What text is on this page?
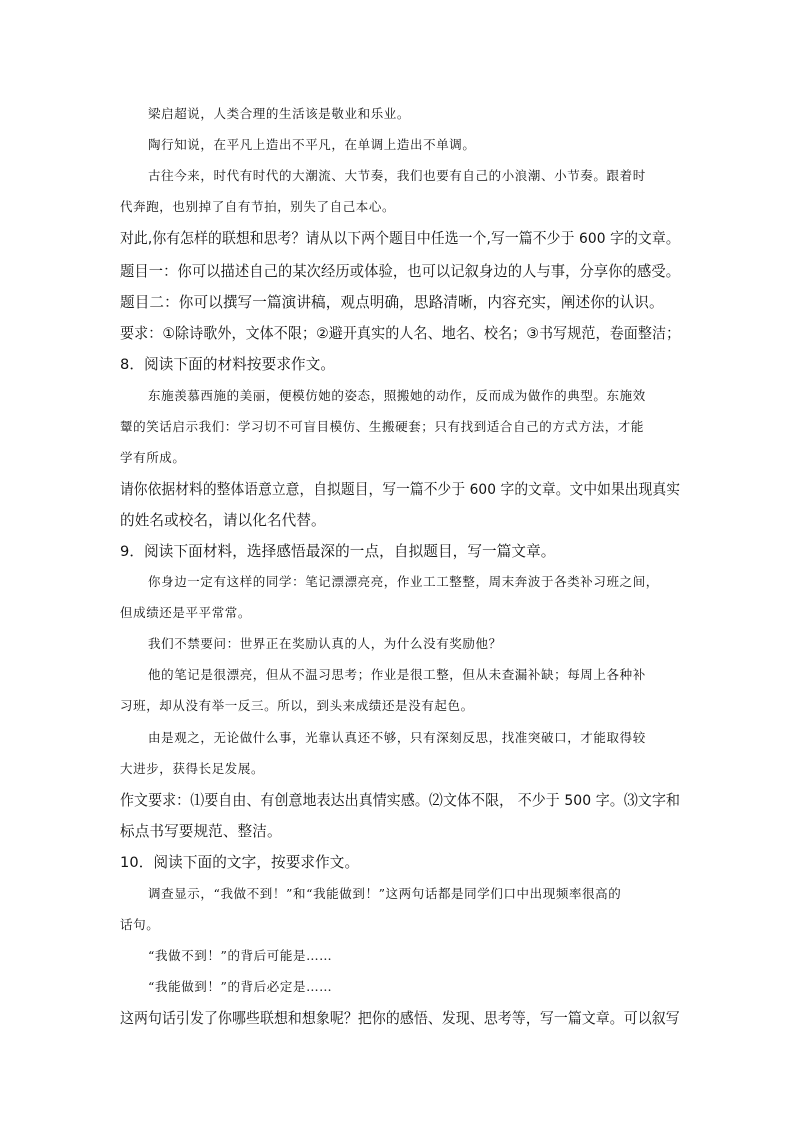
梁启超说，人类合理的生活该是敬业和乐业。
陶行知说，在平凡上造出不平凡，在单调上造出不单调。
古往今来，时代有时代的大潮流、大节奏，我们也要有自己的小浪潮、小节奏。跟着时
代奔跑，也别掉了自有节拍，别失了自己本心。
对此,你有怎样的联想和思考？请从以下两个题目中任选一个,写一篇不少于 600 字的文章。
题目一：你可以描述自己的某次经历或体验，也可以记叙身边的人与事，分享你的感受。
题目二：你可以撰写一篇演讲稿，观点明确，思路清晰，内容充实，阐述你的认识。
要求：①除诗歌外，文体不限；②避开真实的人名、地名、校名；③书写规范，卷面整洁；
8．阅读下面的材料按要求作文。
东施羡慕西施的美丽，便模仿她的姿态，照搬她的动作，反而成为做作的典型。东施效
颦的笑话启示我们：学习切不可盲目模仿、生搬硬套；只有找到适合自己的方式方法，才能
学有所成。
请你依据材料的整体语意立意，自拟题目，写一篇不少于 600 字的文章。文中如果出现真实
的姓名或校名，请以化名代替。
9．阅读下面材料，选择感悟最深的一点，自拟题目，写一篇文章。
你身边一定有这样的同学：笔记漂漂亮亮，作业工工整整，周末奔波于各类补习班之间，
但成绩还是平平常常。
我们不禁要问：世界正在奖励认真的人，为什么没有奖励他？
他的笔记是很漂亮，但从不温习思考；作业是很工整，但从未查漏补缺；每周上各种补
习班，却从没有举一反三。所以，到头来成绩还是没有起色。
由是观之，无论做什么事，光靠认真还不够，只有深刻反思，找准突破口，才能取得较
大进步，获得长足发展。
作文要求：⑴要自由、有创意地表达出真情实感。⑵文体不限， 不少于 500 字。⑶文字和
标点书写要规范、整洁。
10．阅读下面的文字，按要求作文。
调查显示，“我做不到！”和“我能做到！”这两句话都是同学们口中出现频率很高的
话句。
“我做不到！”的背后可能是……
“我能做到！”的背后必定是……
这两句话引发了你哪些联想和想象呢？把你的感悟、发现、思考等，写一篇文章。可以叙写
